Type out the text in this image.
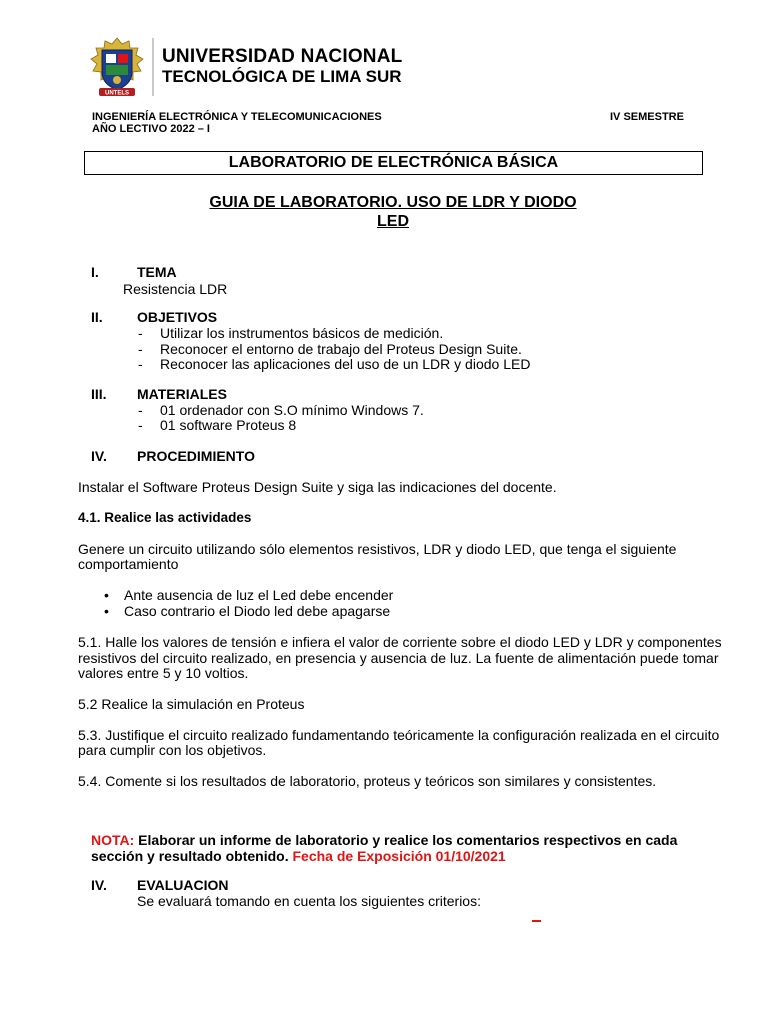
UNTELS
UNIVERSIDAD NACIONAL
TECNOLÓGICA DE LIMA SUR
INGENIERÍA ELECTRÓNICA Y TELECOMUNICACIONES
AÑO LECTIVO 2022 – I
IV SEMESTRE
LABORATORIO DE ELECTRÓNICA BÁSICA
GUIA DE LABORATORIO. USO DE LDR Y DIODO
LED
I.	TEMA
Resistencia LDR
II. OBJETIVOS
- Utilizar los instrumentos básicos de medición.
- Reconocer el entorno de trabajo del Proteus Design Suite.
- Reconocer las aplicaciones del uso de un LDR y diodo LED
III. MATERIALES
- 01 ordenador con S.O mínimo Windows 7.
- 01 software Proteus 8
IV. PROCEDIMIENTO
Instalar el Software Proteus Design Suite y siga las indicaciones del docente.
4.1. Realice las actividades
Genere un circuito utilizando sólo elementos resistivos, LDR y diodo LED, que tenga el siguiente
comportamiento
• Ante ausencia de luz el Led debe encender
• Caso contrario el Diodo led debe apagarse
5.1. Halle los valores de tensión e infiera el valor de corriente sobre el diodo LED y LDR y componentes
resistivos del circuito realizado, en presencia y ausencia de luz. La fuente de alimentación puede tomar
valores entre 5 y 10 voltios.
5.2 Realice la simulación en Proteus
5.3. Justifique el circuito realizado fundamentando teóricamente la configuración realizada en el circuito
para cumplir con los objetivos.
5.4. Comente si los resultados de laboratorio, proteus y teóricos son similares y consistentes.
NOTA: Elaborar un informe de laboratorio y realice los comentarios respectivos en cada
sección y resultado obtenido. Fecha de Exposición 01/10/2021
IV. EVALUACION
Se evaluará tomando en cuenta los siguientes criterios:
